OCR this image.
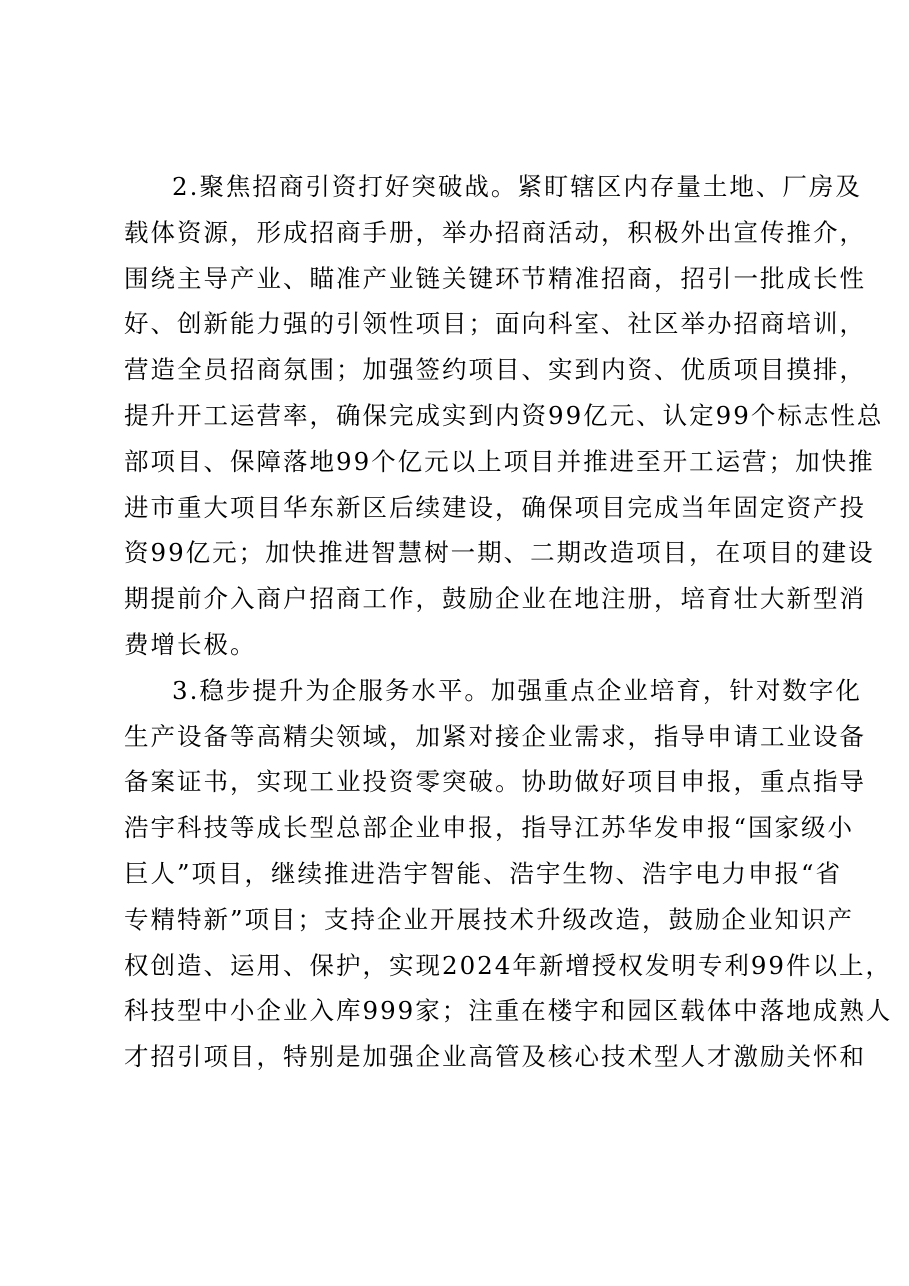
2.聚焦招商引资打好突破战。紧盯辖区内存量土地、厂房及
载体资源，形成招商手册，举办招商活动，积极外出宣传推介，
围绕主导产业、瞄准产业链关键环节精准招商，招引一批成长性
好、创新能力强的引领性项目；面向科室、社区举办招商培训，
营造全员招商氛围；加强签约项目、实到内资、优质项目摸排，
提升开工运营率，确保完成实到内资99亿元、认定99个标志性总
部项目、保障落地99个亿元以上项目并推进至开工运营；加快推
进市重大项目华东新区后续建设，确保项目完成当年固定资产投
资99亿元；加快推进智慧树一期、二期改造项目，在项目的建设
期提前介入商户招商工作，鼓励企业在地注册，培育壮大新型消
费增长极。
3.稳步提升为企服务水平。加强重点企业培育，针对数字化
生产设备等高精尖领域，加紧对接企业需求，指导申请工业设备
备案证书，实现工业投资零突破。协助做好项目申报，重点指导
浩宇科技等成长型总部企业申报，指导江苏华发申报“国家级小
巨人”项目，继续推进浩宇智能、浩宇生物、浩宇电力申报“省
专精特新”项目；支持企业开展技术升级改造，鼓励企业知识产
权创造、运用、保护，实现2024年新增授权发明专利99件以上，
科技型中小企业入库999家；注重在楼宇和园区载体中落地成熟人
才招引项目，特别是加强企业高管及核心技术型人才激励关怀和
